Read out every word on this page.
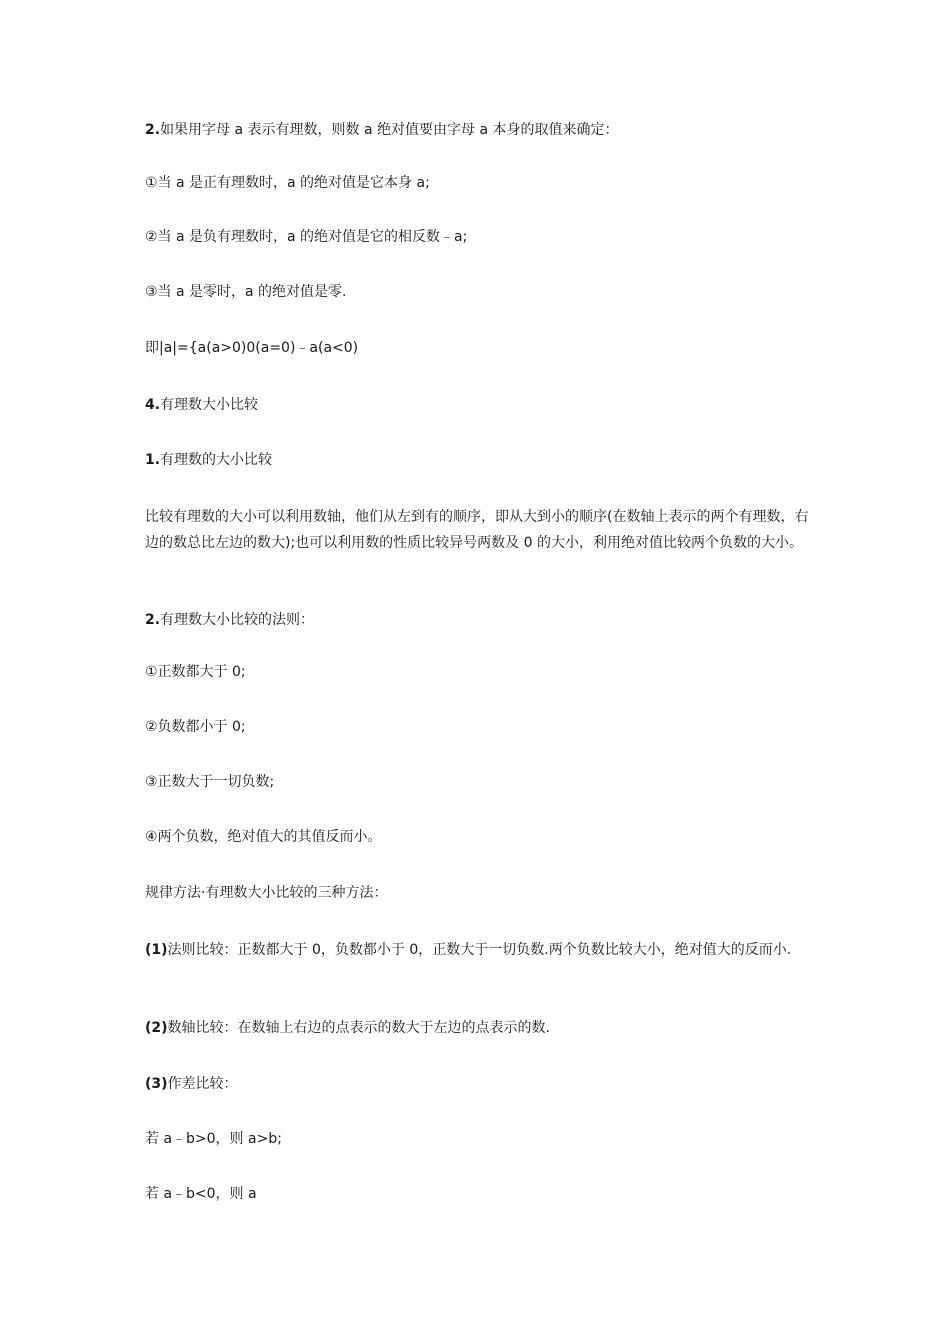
2.如果用字母 a 表示有理数，则数 a 绝对值要由字母 a 本身的取值来确定：
①当 a 是正有理数时，a 的绝对值是它本身 a;
②当 a 是负有理数时，a 的绝对值是它的相反数﹣a;
③当 a 是零时，a 的绝对值是零.
即|a|={a(a>0)0(a=0)﹣a(a<0)
4.有理数大小比较
1.有理数的大小比较
比较有理数的大小可以利用数轴，他们从左到有的顺序，即从大到小的顺序(在数轴上表示的两个有理数，右边的数总比左边的数大);也可以利用数的性质比较异号两数及 0 的大小，利用绝对值比较两个负数的大小。
2.有理数大小比较的法则：
①正数都大于 0;
②负数都小于 0;
③正数大于一切负数;
④两个负数，绝对值大的其值反而小。
规律方法·有理数大小比较的三种方法：
(1)法则比较：正数都大于 0，负数都小于 0，正数大于一切负数.两个负数比较大小，绝对值大的反而小.
(2)数轴比较：在数轴上右边的点表示的数大于左边的点表示的数.
(3)作差比较：
若 a﹣b>0，则 a>b;
若 a﹣b<0，则 a
